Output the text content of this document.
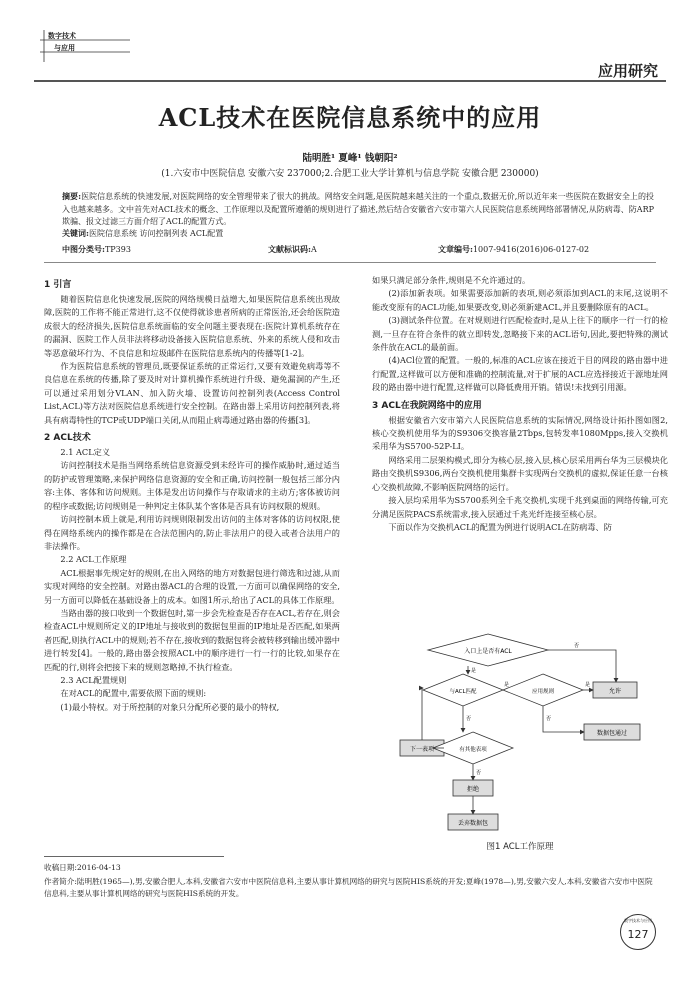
数字技术
与应用
应用研究
ACL技术在医院信息系统中的应用
陆明胜¹ 夏峰¹ 钱朝阳²
(1.六安市中医院信息 安徽六安 237000;2.合肥工业大学计算机与信息学院 安徽合肥 230000)
摘要:医院信息系统的快速发展,对医院网络的安全管理带来了很大的挑战。网络安全问题,是医院越来越关注的一个重点,数据无价,所以近年来一些医院在数据安全上的投入也越来越多。文中首先对ACL技术的概念、工作原理以及配置所遵循的规则进行了描述,然后结合安徽省六安市第六人民医院信息系统网络部署情况,从防病毒、防ARP欺骗、报文过滤三方面介绍了ACL的配置方式。
关键词:医院信息系统 访问控制列表 ACL配置
中图分类号:TP393	文献标识码:A	文章编号:1007-9416(2016)06-0127-02

1 引言

随着医院信息化快速发展,医院的网络规模日益增大,如果医院信息系统出现故障,医院的工作将不能正常进行,这不仅使得就诊患者所病的正常医治,还会给医院造成很大的经济损失,医院信息系统面临的安全问题主要表现在:医院计算机系统存在的漏洞、医院工作人员非法将移动设备接入医院信息系统、外来的系统人侵和攻击等恶意破坏行为、不良信息和垃圾邮件在医院信息系统内的传播等[1-2]。

作为医院信息系统的管理员,既要保证系统的正常运行,又要有效避免病毒等不良信息在系统的传播,除了要及时对计算机操作系统进行升级、避免漏洞的产生,还可以通过采用划分VLAN、加入防火墙、设置访问控制列表(Access Control List,ACL)等方法对医院信息系统进行安全控制。在路由器上采用访问控制列表,将具有病毒特性的TCP或UDP端口关闭,从而阻止病毒通过路由器的传播[3]。

2 ACL技术

2.1 ACL定义

访问控制技术是指当网络系统信息资源受到未经许可的操作威胁时,通过适当的防护或管理策略,来保护网络信息资源的安全和正确,访问控制一般包括三部分内容:主体、客体和访问规则。主体是发出访问操作与存取请求的主动方;客体被访问的程序或数据;访问规则是一种判定主体队某个客体是否具有访问权限的规则。

访问控制本质上就是,利用访问规则限制发出访问的主体对客体的访问权限,使得在网络系统内的操作都是在合法范围内的,防止非法用户的侵入或者合法用户的非法操作。

2.2 ACL工作原理

ACL根据事先规定好的规则,在出入网络的地方对数据包进行筛选和过滤,从而实现对网络的安全控制。对路由器ACL的合理的设置,一方面可以确保网络的安全,另一方面可以降低在基础设备上的成本。如图1所示,给出了ACL的具体工作原理。

当路由器的接口收到一个数据包时,第一步会先检查是否存在ACL,若存在,则会检查ACL中规则所定义的IP地址与接收到的数据包里面的IP地址是否匹配,如果两者匹配,则执行ACL中的规则;若不存在,接收到的数据包将会被转移到输出缓冲器中进行转发[4]。一般的,路由器会按照ACL中的顺序进行一行一行的比较,如果存在匹配的行,则将会把接下来的规则忽略掉,不执行检查。

2.3 ACL配置规则

在对ACL的配置中,需要依照下面的规则:

(1)最小特权。对于所控制的对象只分配所必要的最小的特权,

如果只满足部分条件,规则是不允许通过的。

(2)添加新表项。如果需要添加新的表项,则必须添加到ACL的末尾,这说明不能改变原有的ACL功能,如果要改变,则必须新建ACL,并且要删除原有的ACL。

(3)测试条件位置。在对规则进行匹配检查时,是从上往下的顺序一行一行的检测,一旦存在符合条件的就立即转发,忽略接下来的ACL语句,因此,要把特殊的测试条件放在ACL的最前面。

(4)ACl位置的配置。一般的,标准的ACL应该在接近于目的网段的路由器中进行配置,这样做可以方便和准确的控制流量,对于扩展的ACL应选择接近于源地址网段的路由器中进行配置,这样做可以降低费用开销。错误!未找到引用源。

3 ACL在我院网络中的应用

根据安徽省六安市第六人民医院信息系统的实际情况,网络设计拓扑图如图2,核心交换机使用华为的S9306交换容量2Tbps,包转发率1080Mpps,接入交换机采用华为S5700-52P-LI。

网络采用二层架构模式,即分为核心层,接入层,核心层采用两台华为三层模块化路由交换机S9306,两台交换机使用集群卡实现两台交换机的虚拟,保证任意一台核心交换机故障,不影响医院网络的运行。

接入层均采用华为S5700系列全千兆交换机,实现千兆到桌面的网络传输,可充分满足医院PACS系统需求,接入层通过千兆光纤连接至核心层。

下面以作为交换机ACL的配置为例进行说明ACL在防病毒、防

入口上是否有ACL
与ACL匹配	应用规则	允许
数据包通过
下一表项	有其他表项
拒绝
丢弃数据包
否
是
是	是
否
否
否
图1 ACL工作原理
收稿日期:2016-04-13
作者简介:陆明胜(1965—),男,安徽合肥人,本科,安徽省六安市中医院信息科,主要从事计算机网络的研究与医院HIS系统的开发;夏峰(1978—),男,安徽六安人,本科,安徽省六安市中医院信息科,主要从事计算机网络的研究与医院HIS系统的开发。
数字技术与应用
127
